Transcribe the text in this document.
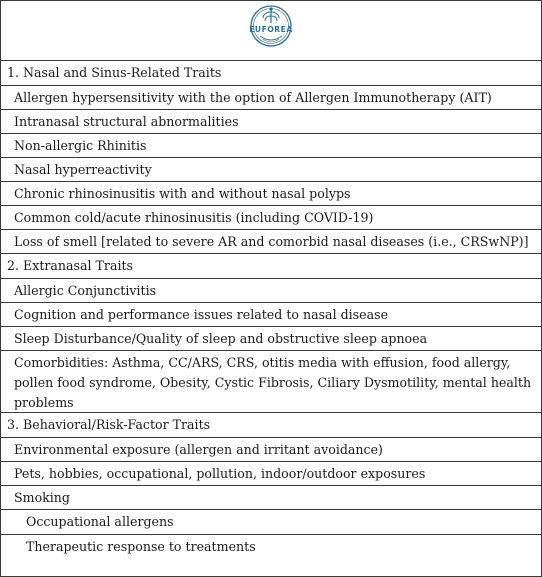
EUFOREA
1. Nasal and Sinus-Related Traits
Allergen hypersensitivity with the option of Allergen Immunotherapy (AIT)
Intranasal structural abnormalities
Non-allergic Rhinitis
Nasal hyperreactivity
Chronic rhinosinusitis with and without nasal polyps
Common cold/acute rhinosinusitis (including COVID-19)
Loss of smell [related to severe AR and comorbid nasal diseases (i.e., CRSwNP)]
2. Extranasal Traits
Allergic Conjunctivitis
Cognition and performance issues related to nasal disease
Sleep Disturbance/Quality of sleep and obstructive sleep apnoea
Comorbidities: Asthma, CC/ARS, CRS, otitis media with effusion, food allergy, pollen food syndrome, Obesity, Cystic Fibrosis, Ciliary Dysmotility, mental health problems
3. Behavioral/Risk-Factor Traits
Environmental exposure (allergen and irritant avoidance)
Pets, hobbies, occupational, pollution, indoor/outdoor exposures
Smoking
Occupational allergens
Therapeutic response to treatments
